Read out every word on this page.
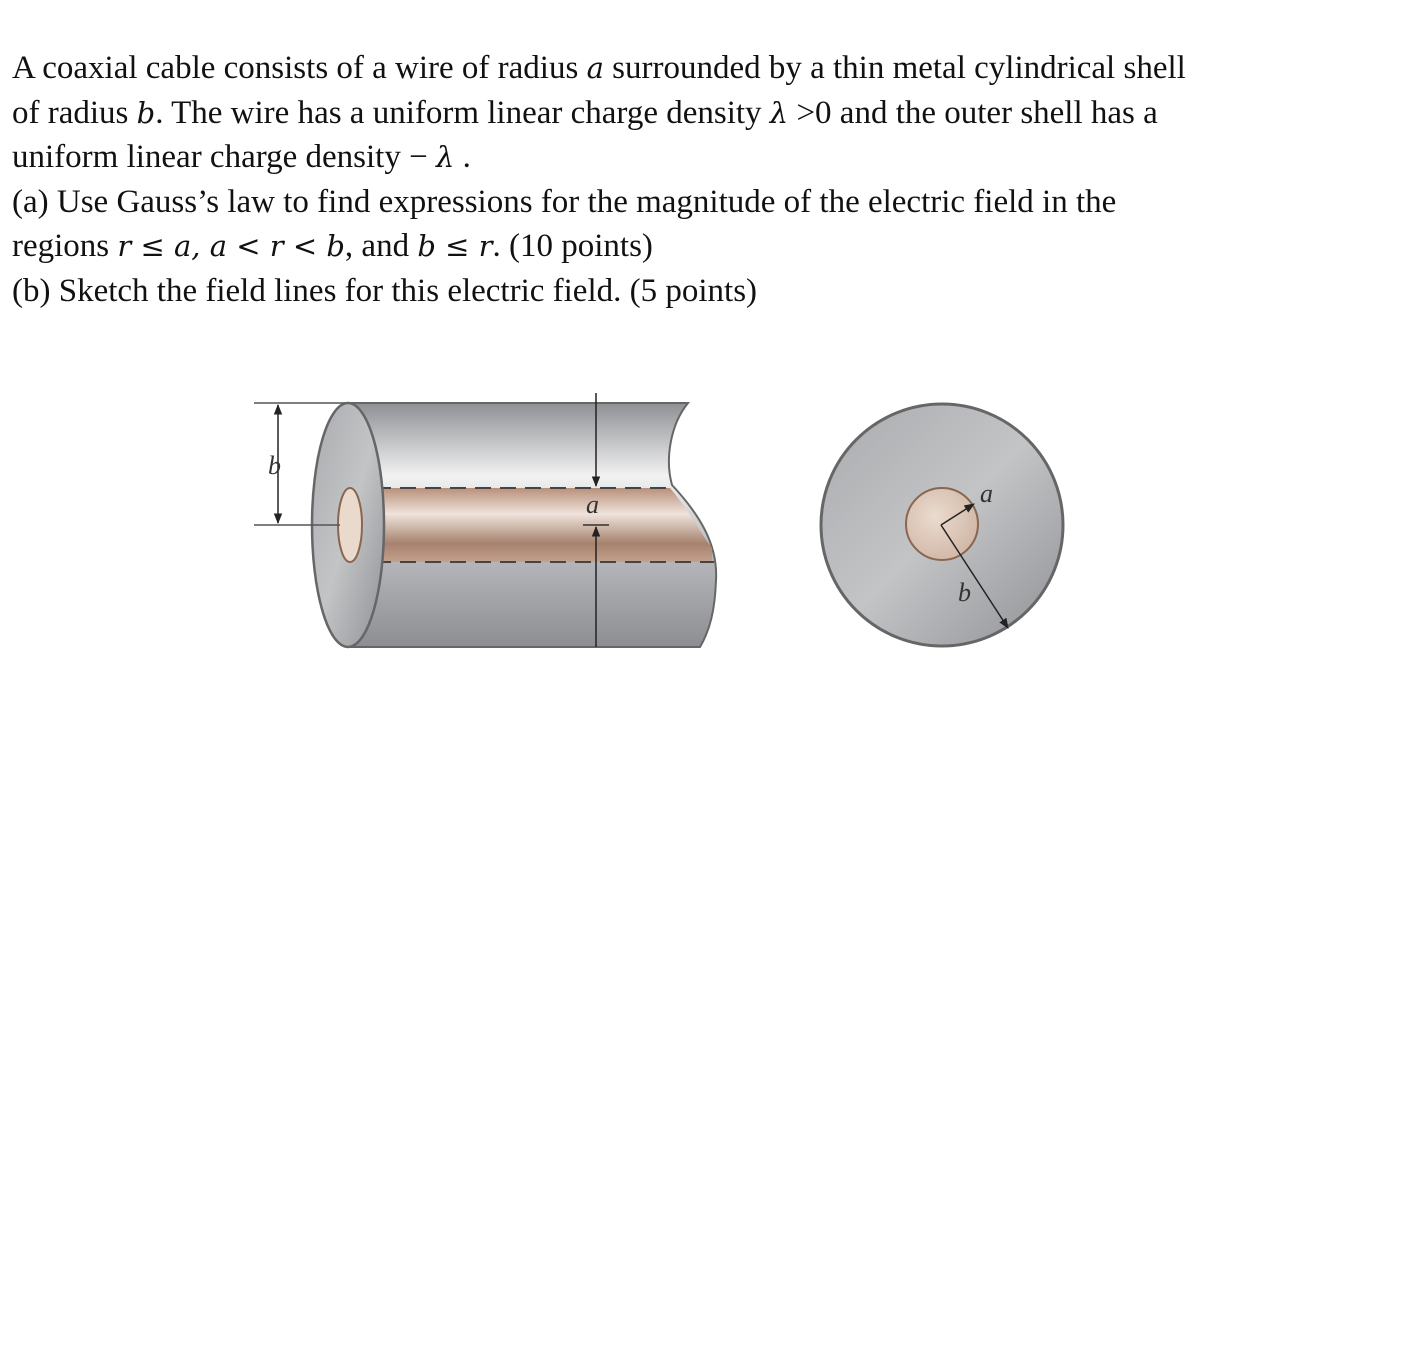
A coaxial cable consists of a wire of radius a surrounded by a thin metal cylindrical shell

of radius b. The wire has a uniform linear charge density λ >0 and the outer shell has a

uniform linear charge density − λ .

(a) Use Gauss’s law to find expressions for the magnitude of the electric field in the

regions r ≤ a, a < r < b, and b ≤ r. (10 points)

(b) Sketch the field lines for this electric field. (5 points)

b
a	a
b
